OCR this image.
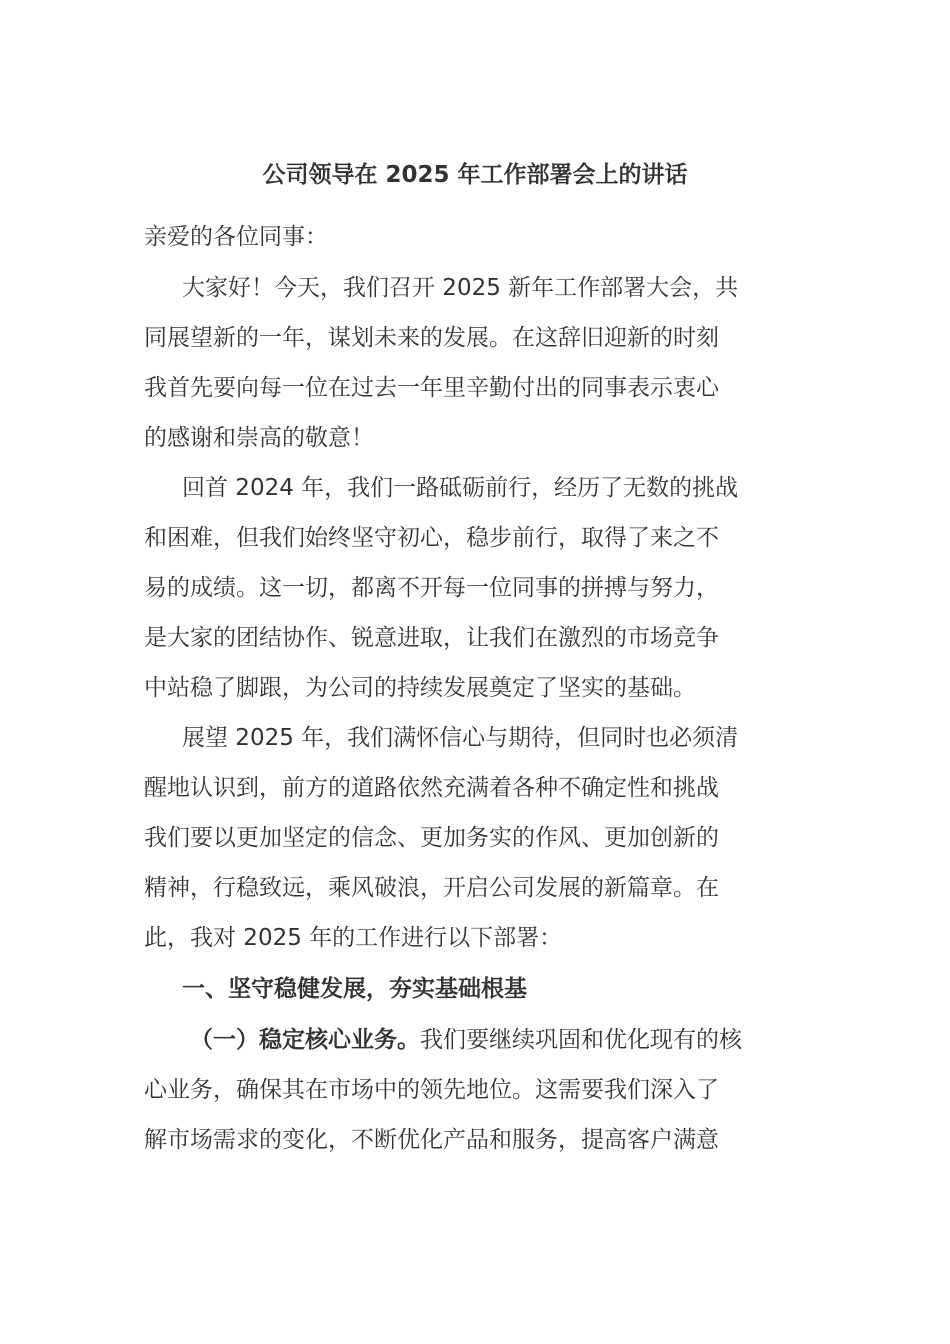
公司领导在 2025 年工作部署会上的讲话
亲爱的各位同事：
大家好！今天，我们召开 2025 新年工作部署大会，共
同展望新的一年，谋划未来的发展。在这辞旧迎新的时刻
我首先要向每一位在过去一年里辛勤付出的同事表示衷心
的感谢和崇高的敬意！
回首 2024 年，我们一路砥砺前行，经历了无数的挑战
和困难，但我们始终坚守初心，稳步前行，取得了来之不
易的成绩。这一切，都离不开每一位同事的拼搏与努力，
是大家的团结协作、锐意进取，让我们在激烈的市场竞争
中站稳了脚跟，为公司的持续发展奠定了坚实的基础。
展望 2025 年，我们满怀信心与期待，但同时也必须清
醒地认识到，前方的道路依然充满着各种不确定性和挑战
我们要以更加坚定的信念、更加务实的作风、更加创新的
精神，行稳致远，乘风破浪，开启公司发展的新篇章。在
此，我对 2025 年的工作进行以下部署：
一、坚守稳健发展，夯实基础根基
（一）稳定核心业务。我们要继续巩固和优化现有的核
心业务，确保其在市场中的领先地位。这需要我们深入了
解市场需求的变化，不断优化产品和服务，提高客户满意
